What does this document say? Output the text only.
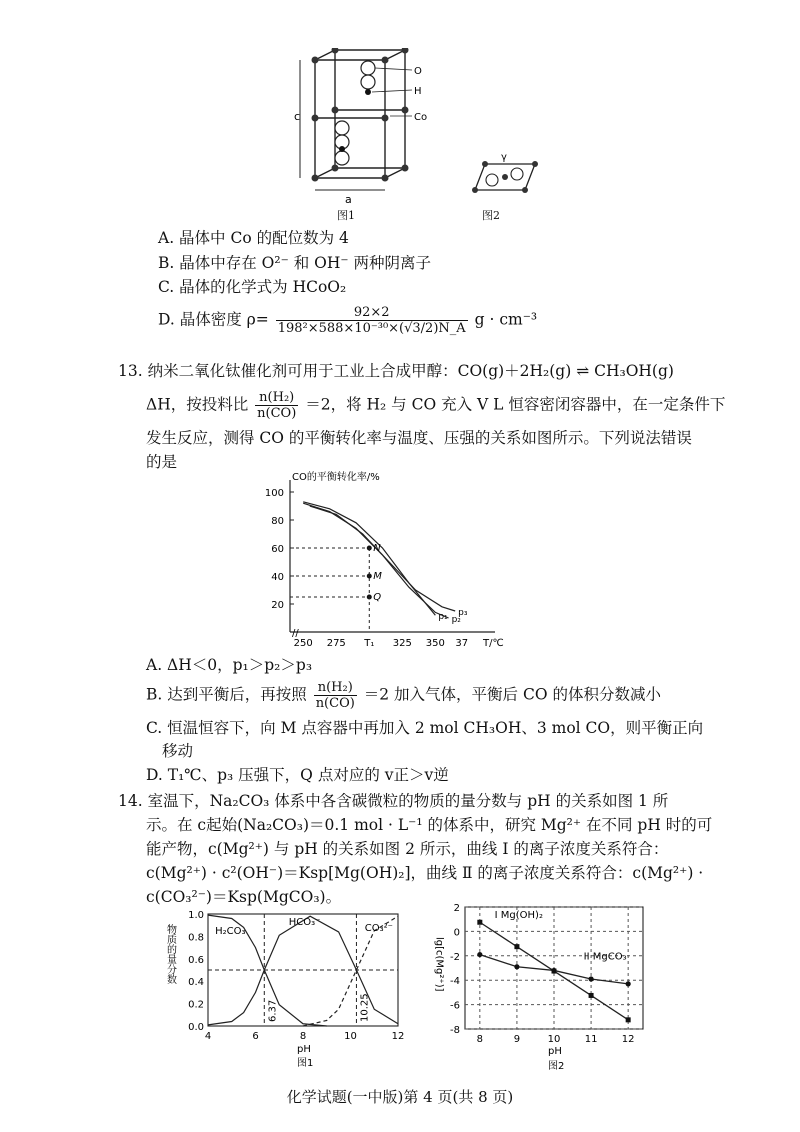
c
a
O
H
Co
图1
γ
图2
A. 晶体中 Co 的配位数为 4
B. 晶体中存在 O²⁻ 和 OH⁻ 两种阴离子
C. 晶体的化学式为 HCoO₂
D. 晶体密度 $\rho= \frac{92\times 2}{\text{198²×588×10⁻³⁰×(√3/2)N\_A}}$ g · cm⁻³
13. 纳米二氧化钛催化剂可用于工业上合成甲醇：CO(g)＋2H₂(g) ⇌ CH₃OH(g)
ΔH，按投料比 $\frac{\text{n(H₂)}}{n(CO)} =2$，将 H₂ 与 CO 充入 V L 恒容密闭容器中，在一定条件下
发生反应，测得 CO 的平衡转化率与温度、压强的关系如图所示。下列说法错误
的是
CO的平衡转化率/%
T/℃
100
80
60
40
20
250 275 T₁ 325 350 37
//
p₁ p₂
p₃
N
M
Q
A. ΔH＜0，p₁＞p₂＞p₃
B. 达到平衡后，再按照 $\frac{\text{n(H₂)}}{n(CO)} =2$ 加入气体，平衡后 CO 的体积分数减小
C. 恒温恒容下，向 M 点容器中再加入 2 mol CH₃OH、3 mol CO，则平衡正向
移动
D. T₁℃、p₃ 压强下，Q 点对应的 v正＞v逆
14. 室温下，Na₂CO₃ 体系中各含碳微粒的物质的量分数与 pH 的关系如图 1 所
示。在 c起始(Na₂CO₃)＝0.1 mol · L⁻¹ 的体系中，研究 Mg²⁺ 在不同 pH 时的可
能产物，c(Mg²⁺) 与 pH 的关系如图 2 所示，曲线 Ⅰ 的离子浓度关系符合：
c(Mg²⁺) · c²(OH⁻)＝Ksp[Mg(OH)₂]，曲线 Ⅱ 的离子浓度关系符合：c(Mg²⁺) ·
c(CO₃²⁻)＝Ksp(MgCO₃)。
0.0
0.2
0.4
0.6
0.8
1.0
4	6	8	10	12
pH
物质的量分数
图1
H₂CO₃
HCO₃⁻
CO₃²⁻
6.37	10.25
2
0
-2
-4
-6
-8
8	9	10 11 12
pH
lg[c(Mg²⁺)]
图2
I Mg(OH)₂
II MgCO₃
化学试题(一中版)第 4 页(共 8 页)
